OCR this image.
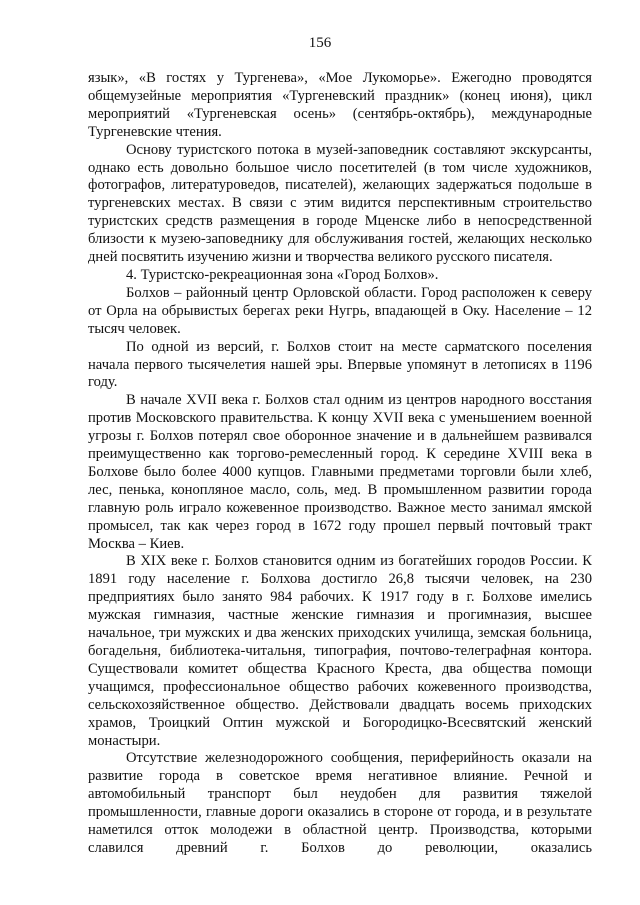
156

язык», «В гостях у Тургенева», «Мое Лукоморье». Ежегодно проводятся общемузейные мероприятия «Тургеневский праздник» (конец июня), цикл мероприятий «Тургеневская осень» (сентябрь-октябрь), международные Тургеневские чтения.

Основу туристского потока в музей-заповедник составляют экскурсанты, однако есть довольно большое число посетителей (в том числе художников, фотографов, литературоведов, писателей), желающих задержаться подольше в тургеневских местах. В связи с этим видится перспективным строительство туристских средств размещения в городе Мценске либо в непосредственной близости к музею-заповеднику для обслуживания гостей, желающих несколько дней посвятить изучению жизни и творчества великого русского писателя.

4. Туристско-рекреационная зона «Город Болхов».

Болхов – районный центр Орловской области. Город расположен к северу от Орла на обрывистых берегах реки Нугрь, впадающей в Оку. Население – 12 тысяч человек.

По одной из версий, г. Болхов стоит на месте сарматского поселения начала первого тысячелетия нашей эры. Впервые упомянут в летописях в 1196 году.

В начале XVII века г. Болхов стал одним из центров народного восстания против Московского правительства. К концу XVII века с уменьшением военной угрозы г. Болхов потерял свое оборонное значение и в дальнейшем развивался преимущественно как торгово-ремесленный город. К середине XVIII века в Болхове было более 4000 купцов. Главными предметами торговли были хлеб, лес, пенька, конопляное масло, соль, мед. В промышленном развитии города главную роль играло кожевенное производство. Важное место занимал ямской промысел, так как через город в 1672 году прошел первый почтовый тракт Москва – Киев.

В XIX веке г. Болхов становится одним из богатейших городов России. К 1891 году население г. Болхова достигло 26,8 тысячи человек, на 230 предприятиях было занято 984 рабочих. К 1917 году в г. Болхове имелись мужская гимназия, частные женские гимназия и прогимназия, высшее начальное, три мужских и два женских приходских училища, земская больница, богадельня, библиотека-читальня, типография, почтово-телеграфная контора. Существовали комитет общества Красного Креста, два общества помощи учащимся, профессиональное общество рабочих кожевенного производства, сельскохозяйственное общество. Действовали двадцать восемь приходских храмов, Троицкий Оптин мужской и Богородицко-Всесвятский женский монастыри.

Отсутствие железнодорожного сообщения, периферийность оказали на развитие города в советское время негативное влияние. Речной и автомобильный транспорт был неудобен для развития тяжелой промышленности, главные дороги оказались в стороне от города, и в результате наметился отток молодежи в областной центр. Производства, которыми славился древний г. Болхов до революции, оказались
